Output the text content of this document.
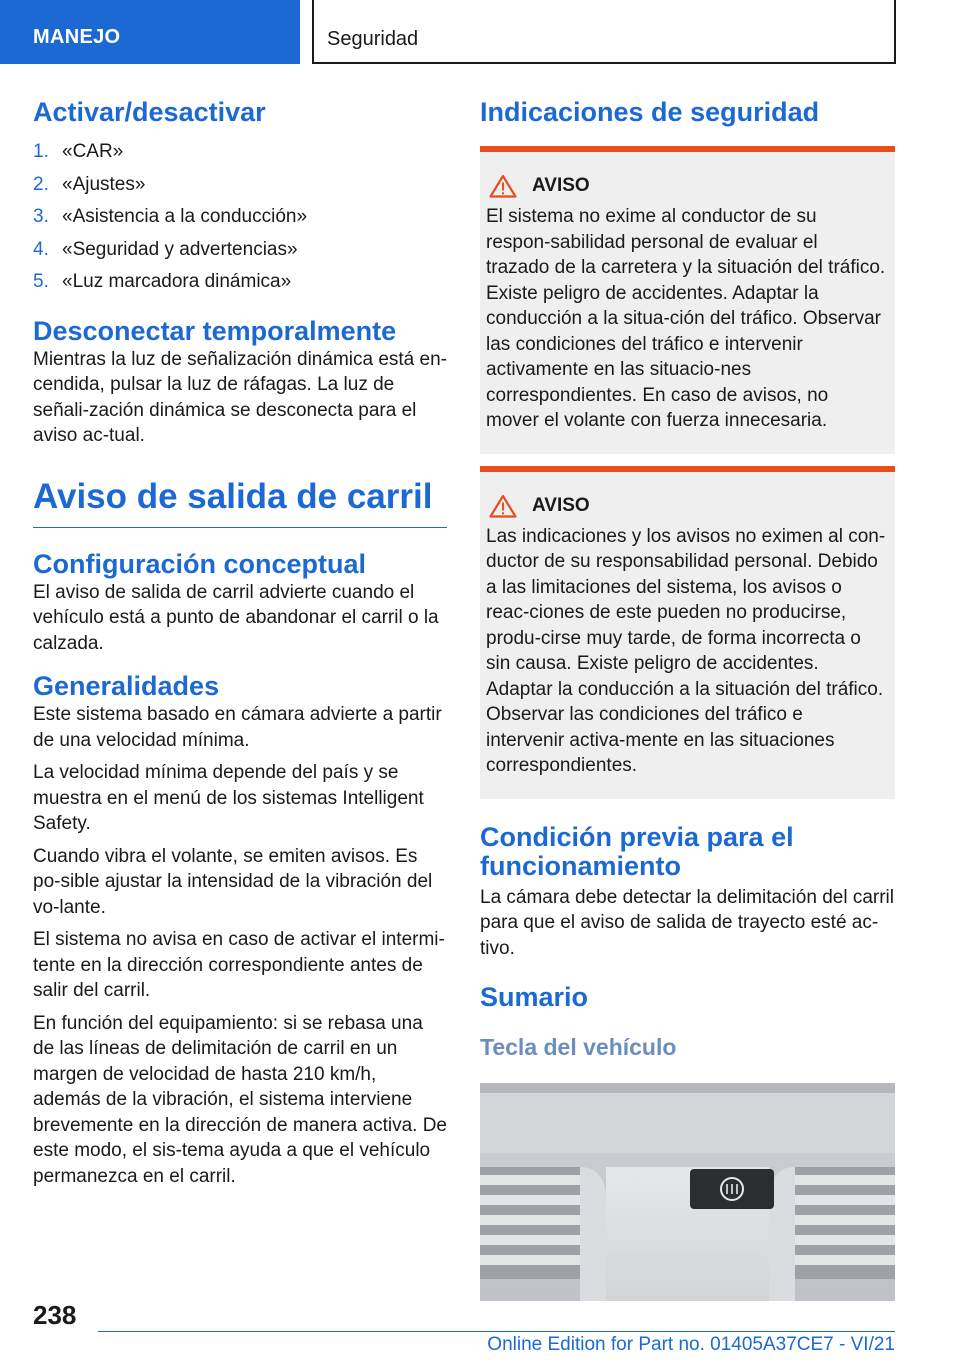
MANEJO	Seguridad
Activar/desactivar
1. «CAR»
2. «Ajustes»
3. «Asistencia a la conducción»
4. «Seguridad y advertencias»
5. «Luz marcadora dinámica»
Desconectar temporalmente

Mientras la luz de señalización dinámica está en-cendida, pulsar la luz de ráfagas. La luz de señali-zación dinámica se desconecta para el aviso ac-tual.

Aviso de salida de carril
Configuración conceptual

El aviso de salida de carril advierte cuando el vehículo está a punto de abandonar el carril o la calzada.

Generalidades

Este sistema basado en cámara advierte a partir de una velocidad mínima.

La velocidad mínima depende del país y se muestra en el menú de los sistemas Intelligent Safety.

Cuando vibra el volante, se emiten avisos. Es po-sible ajustar la intensidad de la vibración del vo-lante.

El sistema no avisa en caso de activar el intermi-tente en la dirección correspondiente antes de salir del carril.

En función del equipamiento: si se rebasa una de las líneas de delimitación de carril en un margen de velocidad de hasta 210 km/h, además de la vibración, el sistema interviene brevemente en la dirección de manera activa. De este modo, el sis-tema ayuda a que el vehículo permanezca en el carril.

Indicaciones de seguridad
AVISO

El sistema no exime al conductor de su respon-sabilidad personal de evaluar el trazado de la carretera y la situación del tráfico. Existe peligro de accidentes. Adaptar la conducción a la situa-ción del tráfico. Observar las condiciones del tráfico e intervenir activamente en las situacio-nes correspondientes. En caso de avisos, no mover el volante con fuerza innecesaria.

AVISO

Las indicaciones y los avisos no eximen al con-ductor de su responsabilidad personal. Debido a las limitaciones del sistema, los avisos o reac-ciones de este pueden no producirse, produ-cirse muy tarde, de forma incorrecta o sin causa. Existe peligro de accidentes. Adaptar la conducción a la situación del tráfico. Observar las condiciones del tráfico e intervenir activa-mente en las situaciones correspondientes.

Condición previa para el funcionamiento

La cámara debe detectar la delimitación del carril para que el aviso de salida de trayecto esté ac-tivo.

Sumario
Tecla del vehículo
238
Online Edition for Part no. 01405A37CE7 - VI/21
